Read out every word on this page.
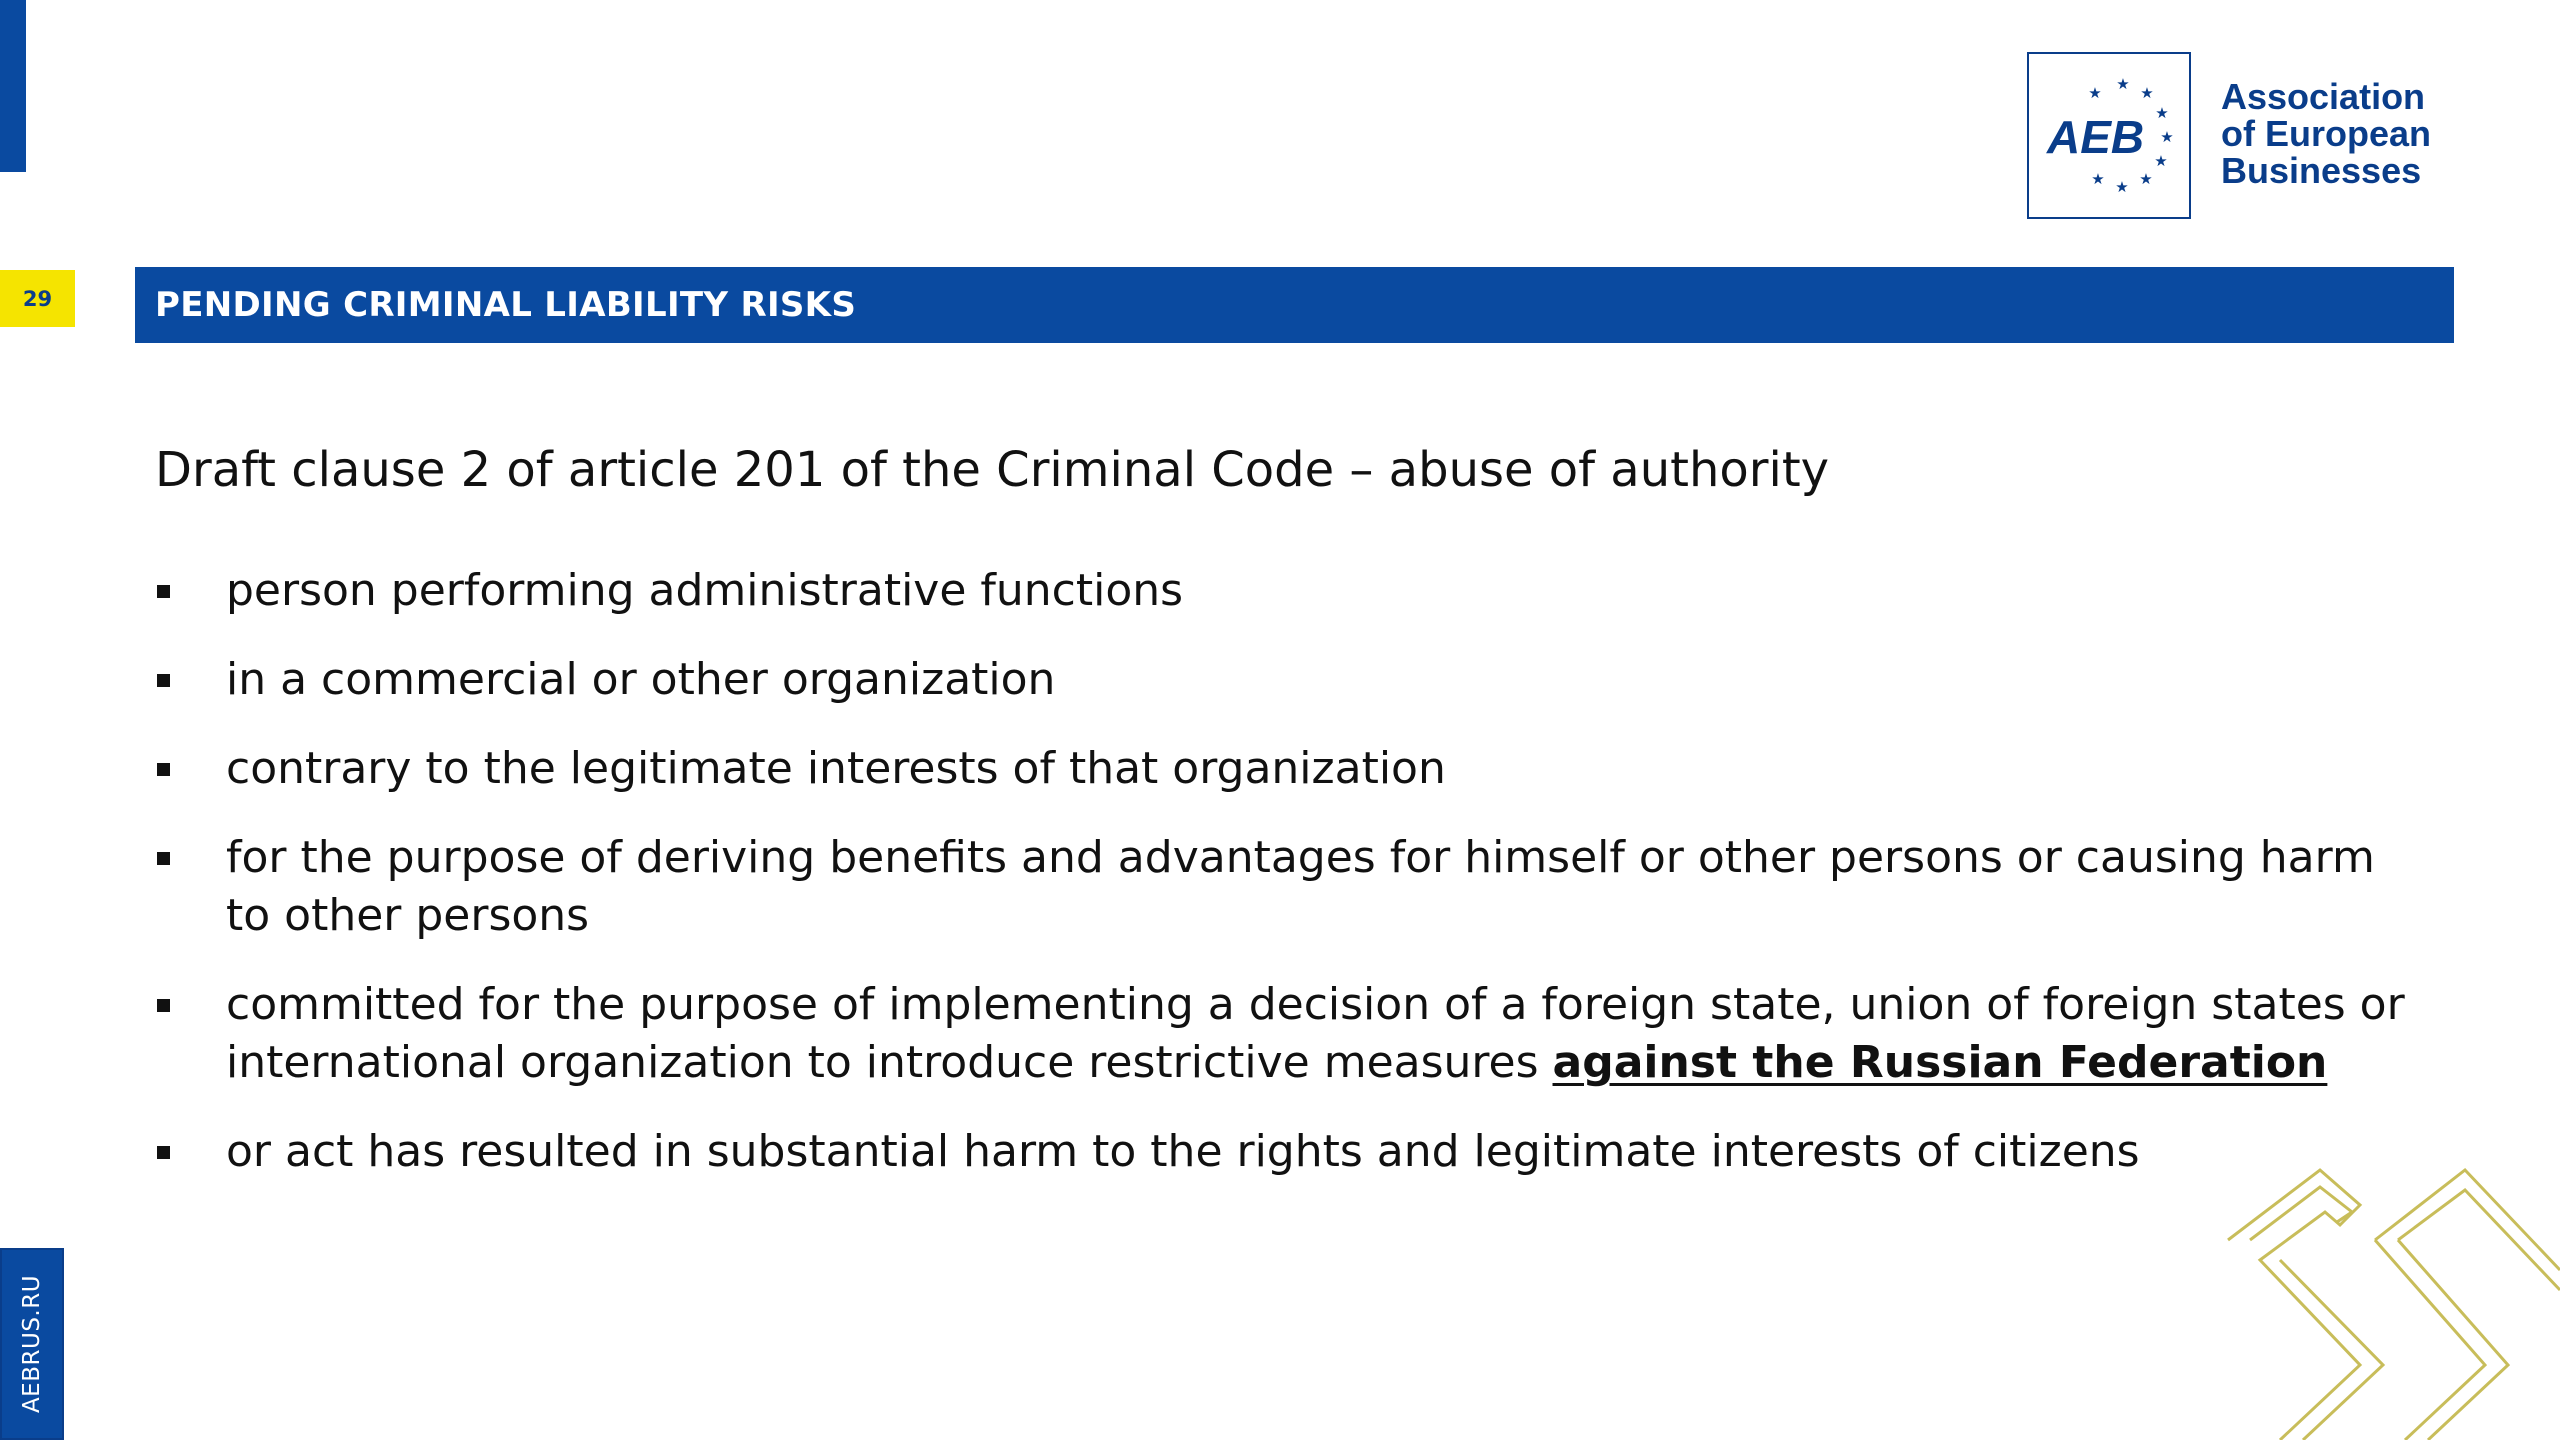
29
AEB
★ ★ ★
★
★
★
★
★
★
Association
of European
Businesses
PENDING CRIMINAL LIABILITY RISKS
Draft clause 2 of article 201 of the Criminal Code – abuse of authority
person performing administrative functions
in a commercial or other organization
contrary to the legitimate interests of that organization
for the purpose of deriving benefits and advantages for himself or other persons or causing harm to other persons
committed for the purpose of implementing a decision of a foreign state, union of foreign states or international organization to introduce restrictive measures against the Russian Federation
or act has resulted in substantial harm to the rights and legitimate interests of citizens
AEBRUS.RU
